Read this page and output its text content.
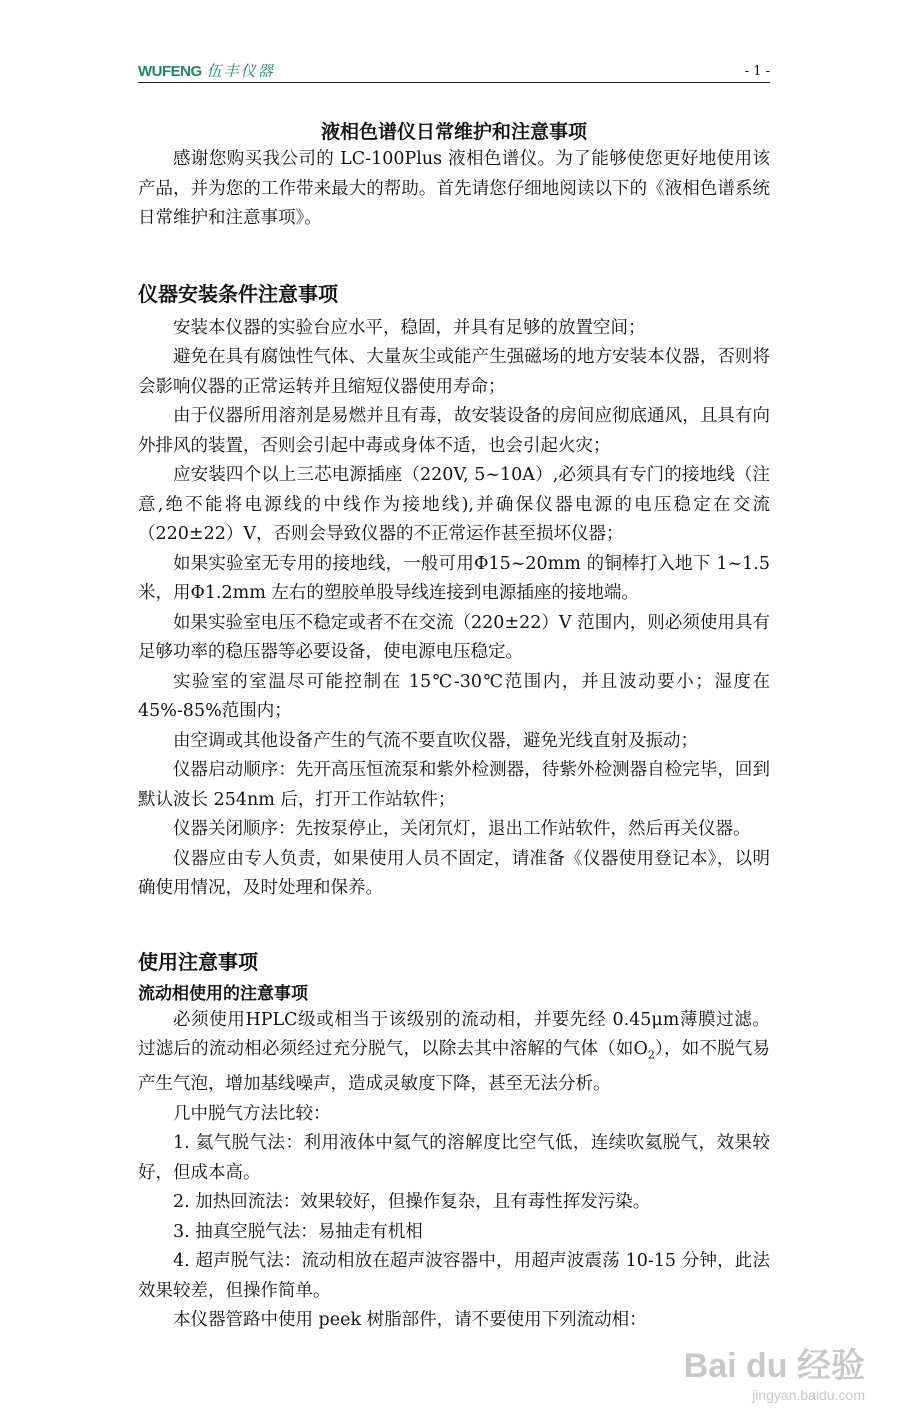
WUFENG 伍丰仪器	- 1 -
液相色谱仪日常维护和注意事项

感谢您购买我公司的 LC-100Plus 液相色谱仪。为了能够使您更好地使用该产品，并为您的工作带来最大的帮助。首先请您仔细地阅读以下的《液相色谱系统日常维护和注意事项》。

仪器安装条件注意事项

安装本仪器的实验台应水平，稳固，并具有足够的放置空间；

避免在具有腐蚀性气体、大量灰尘或能产生强磁场的地方安装本仪器，否则将会影响仪器的正常运转并且缩短仪器使用寿命；

由于仪器所用溶剂是易燃并且有毒，故安装设备的房间应彻底通风，且具有向外排风的装置，否则会引起中毒或身体不适，也会引起火灾；

应安装四个以上三芯电源插座（220V, 5~10A）,必须具有专门的接地线（注意,绝不能将电源线的中线作为接地线),并确保仪器电源的电压稳定在交流（220±22）V，否则会导致仪器的不正常运作甚至损坏仪器；

如果实验室无专用的接地线，一般可用Φ15~20mm 的铜棒打入地下 1~1.5米，用Φ1.2mm 左右的塑胶单股导线连接到电源插座的接地端。

如果实验室电压不稳定或者不在交流（220±22）V 范围内，则必须使用具有足够功率的稳压器等必要设备，使电源电压稳定。

实验室的室温尽可能控制在 15℃-30℃范围内，并且波动要小；湿度在45%-85%范围内；

由空调或其他设备产生的气流不要直吹仪器，避免光线直射及振动；

仪器启动顺序：先开高压恒流泵和紫外检测器，待紫外检测器自检完毕，回到默认波长 254nm 后，打开工作站软件；

仪器关闭顺序：先按泵停止，关闭氘灯，退出工作站软件，然后再关仪器。

仪器应由专人负责，如果使用人员不固定，请准备《仪器使用登记本》，以明确使用情况，及时处理和保养。

使用注意事项
流动相使用的注意事项

必须使用HPLC级或相当于该级别的流动相，并要先经 0.45μm薄膜过滤。过滤后的流动相必须经过充分脱气，以除去其中溶解的气体（如$O_2$），如不脱气易产生气泡，增加基线噪声，造成灵敏度下降，甚至无法分析。

几中脱气方法比较：

1. 氦气脱气法：利用液体中氦气的溶解度比空气低，连续吹氦脱气，效果较好，但成本高。

2. 加热回流法：效果较好，但操作复杂，且有毒性挥发污染。

3. 抽真空脱气法：易抽走有机相

4. 超声脱气法：流动相放在超声波容器中，用超声波震荡 10-15 分钟，此法效果较差，但操作简单。

本仪器管路中使用 peek 树脂部件，请不要使用下列流动相：

Bai du 经验
jingyan.baidu.com
